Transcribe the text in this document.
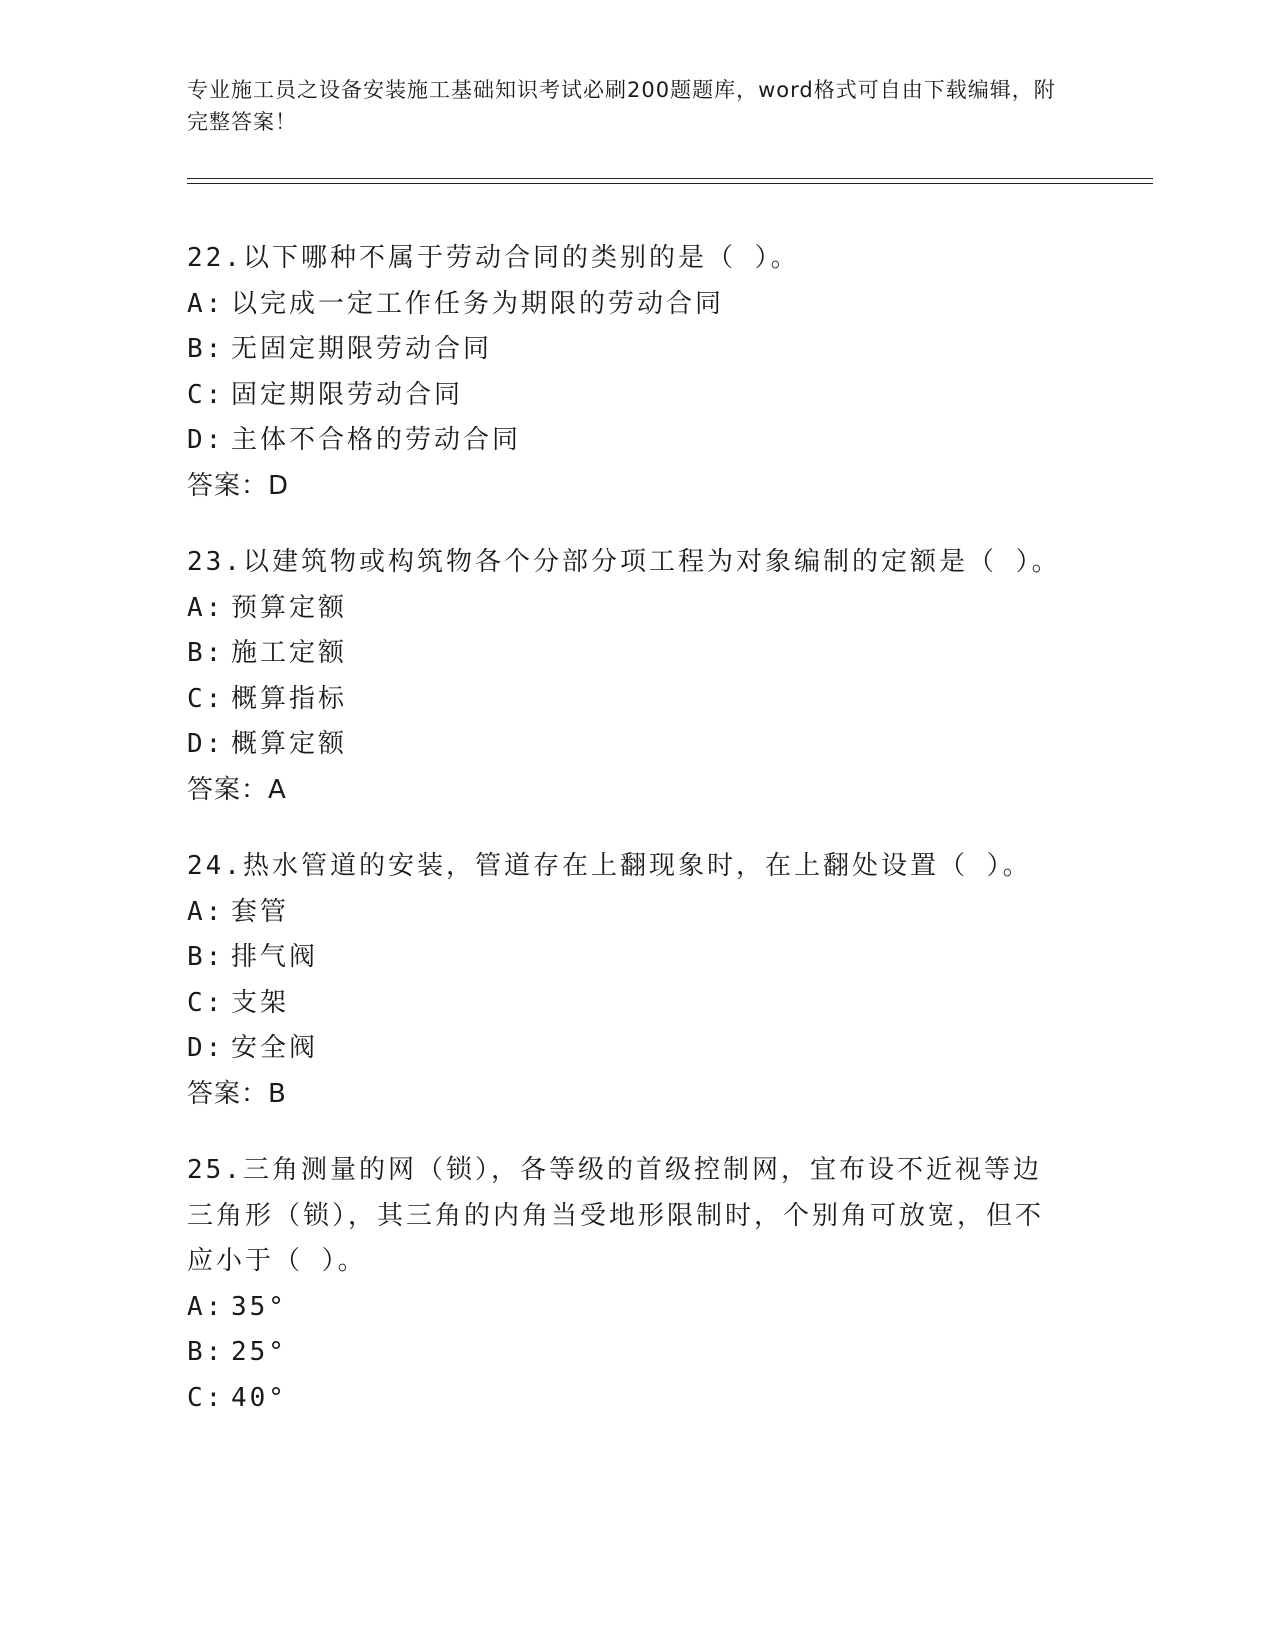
专业施工员之设备安装施工基础知识考试必刷200题题库，word格式可自由下载编辑，附完整答案！
22.以下哪种不属于劳动合同的类别的是（ ）。
A: 以完成一定工作任务为期限的劳动合同
B: 无固定期限劳动合同
C: 固定期限劳动合同
D: 主体不合格的劳动合同
答案：D
23.以建筑物或构筑物各个分部分项工程为对象编制的定额是（ ）。
A: 预算定额
B: 施工定额
C: 概算指标
D: 概算定额
答案：A
24.热水管道的安装，管道存在上翻现象时，在上翻处设置（ ）。
A: 套管
B: 排气阀
C: 支架
D: 安全阀
答案：B
25.三角测量的网（锁），各等级的首级控制网，宜布设不近视等边三角形（锁），其三角的内角当受地形限制时，个别角可放宽，但不应小于（ ）。
A: 35°
B: 25°
C: 40°
